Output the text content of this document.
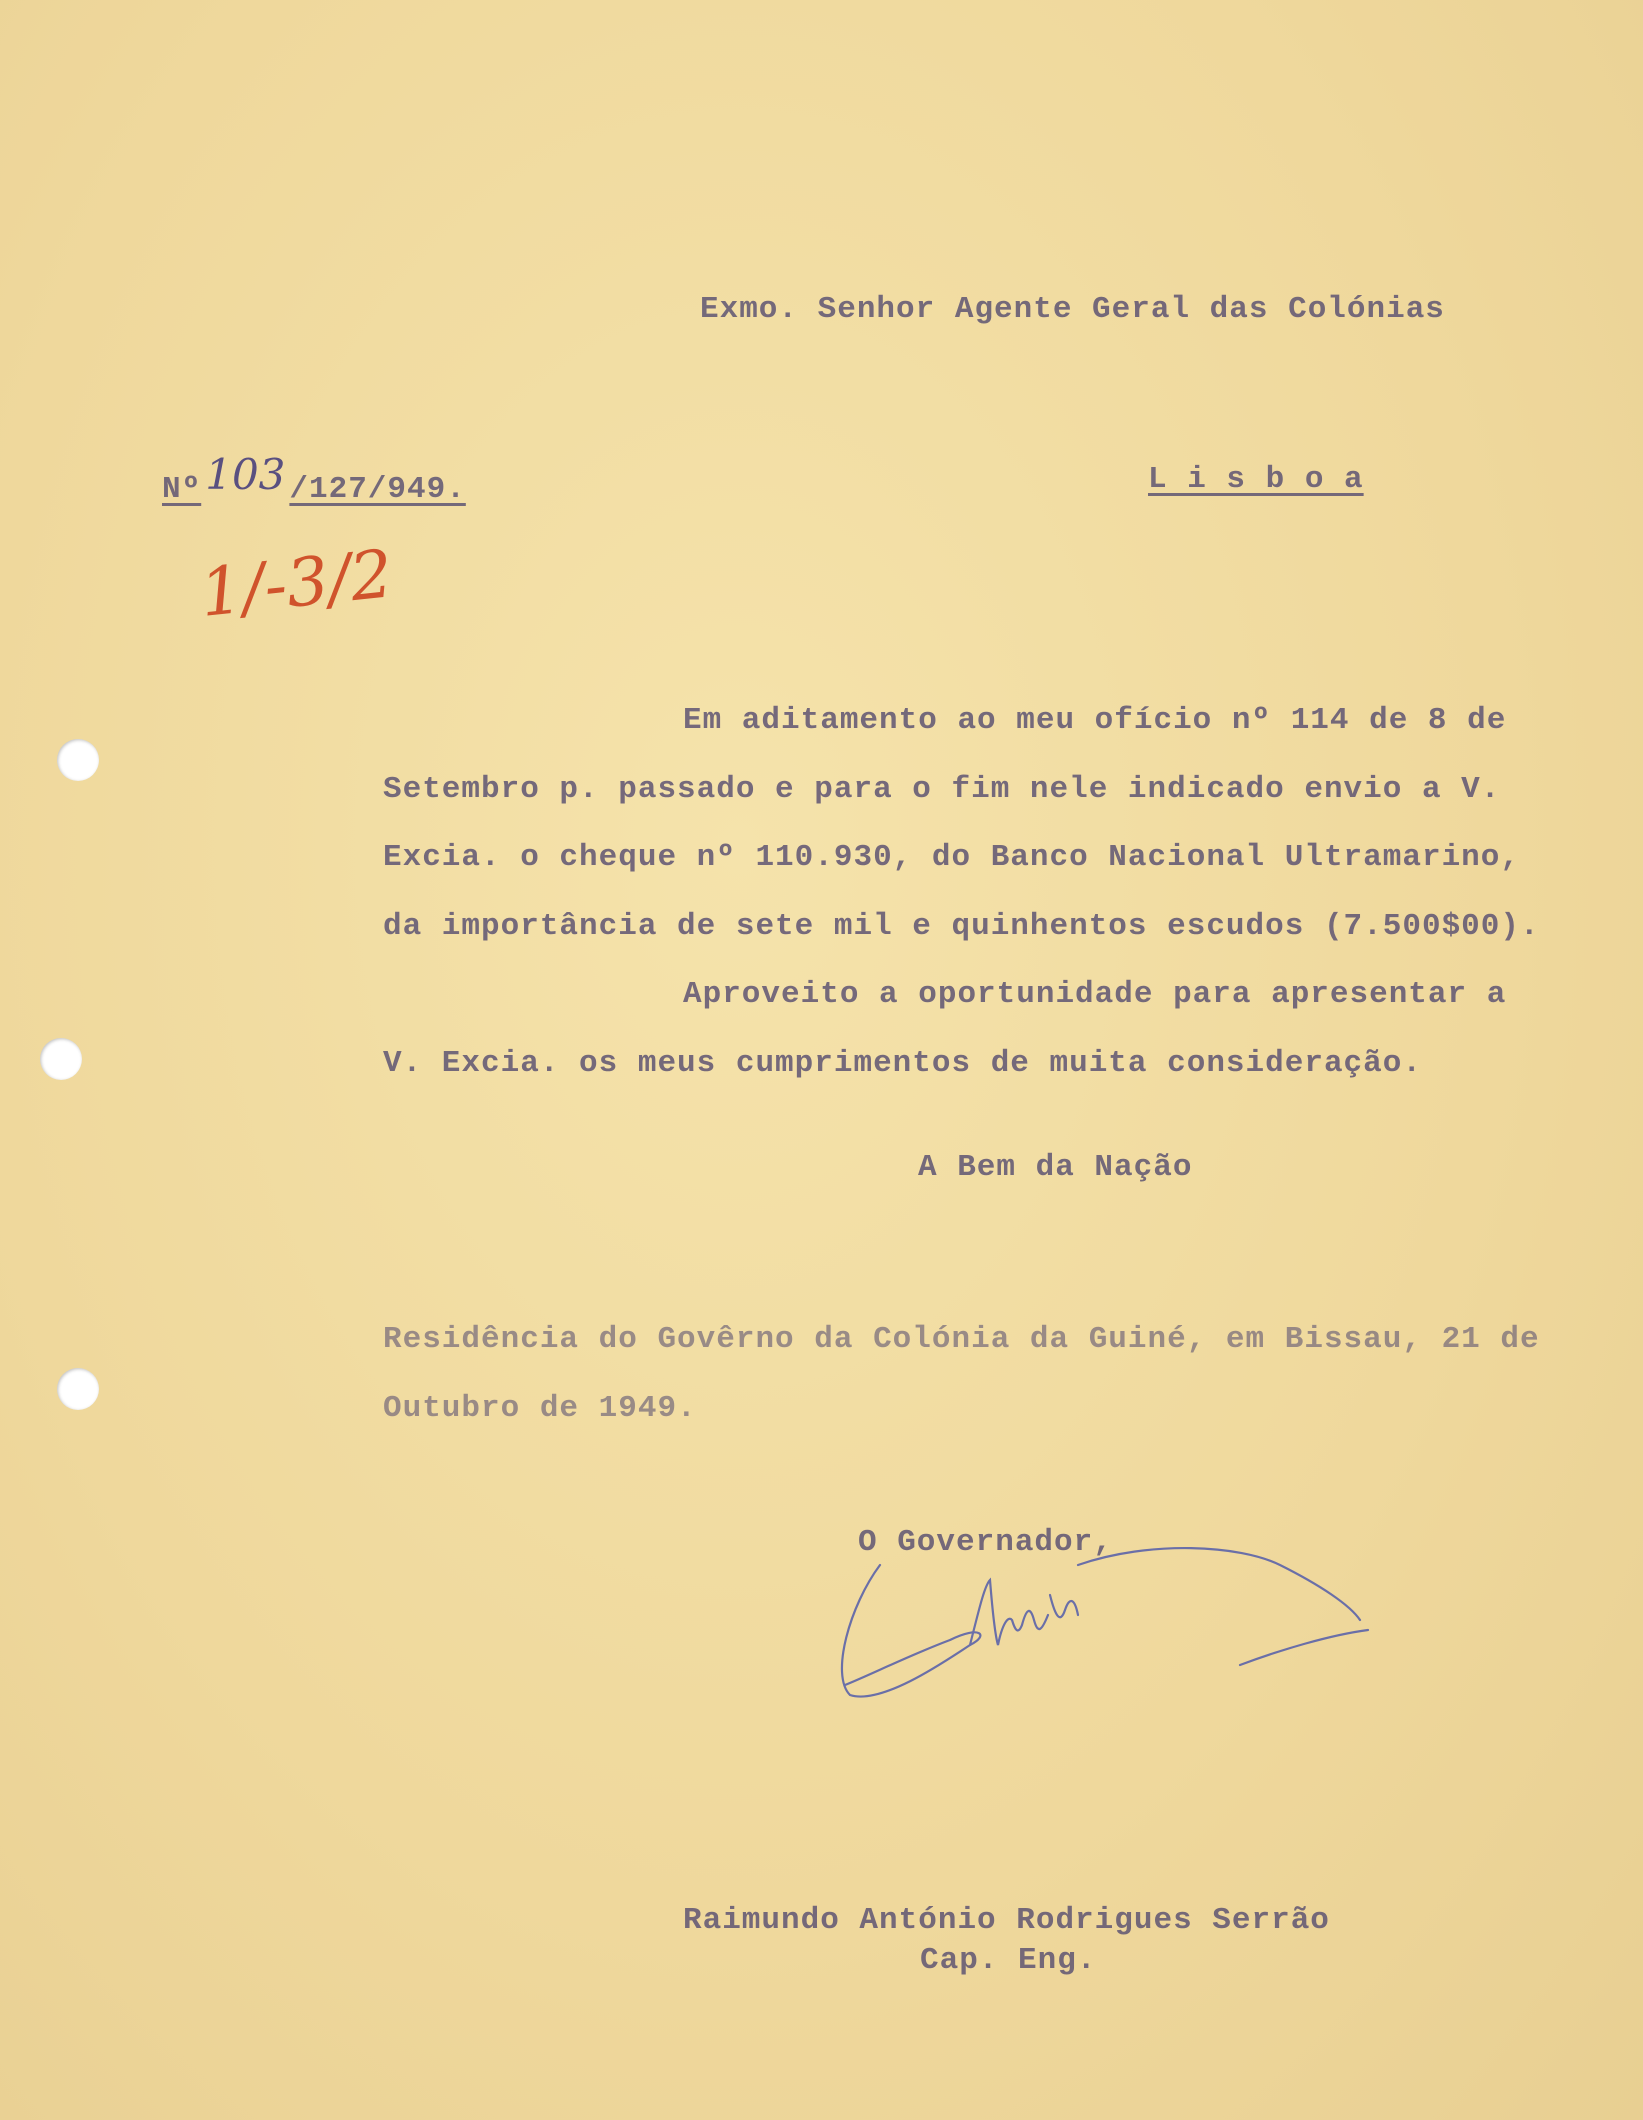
Exmo. Senhor Agente Geral das Colónias
Nº103 /127/949.	L i s b o a
1/-3/2
Em aditamento ao meu ofício nº 114 de 8 de
Setembro p. passado e para o fim nele indicado envio a V.
Excia. o cheque nº 110.930, do Banco Nacional Ultramarino,
da importância de sete mil e quinhentos escudos (7.500$00).
Aproveito a oportunidade para apresentar a
V. Excia. os meus cumprimentos de muita consideração.
A Bem da Nação
Residência do Govêrno da Colónia da Guiné, em Bissau, 21 de
Outubro de 1949.
O Governador,
Raimundo António Rodrigues Serrão
Cap. Eng.
